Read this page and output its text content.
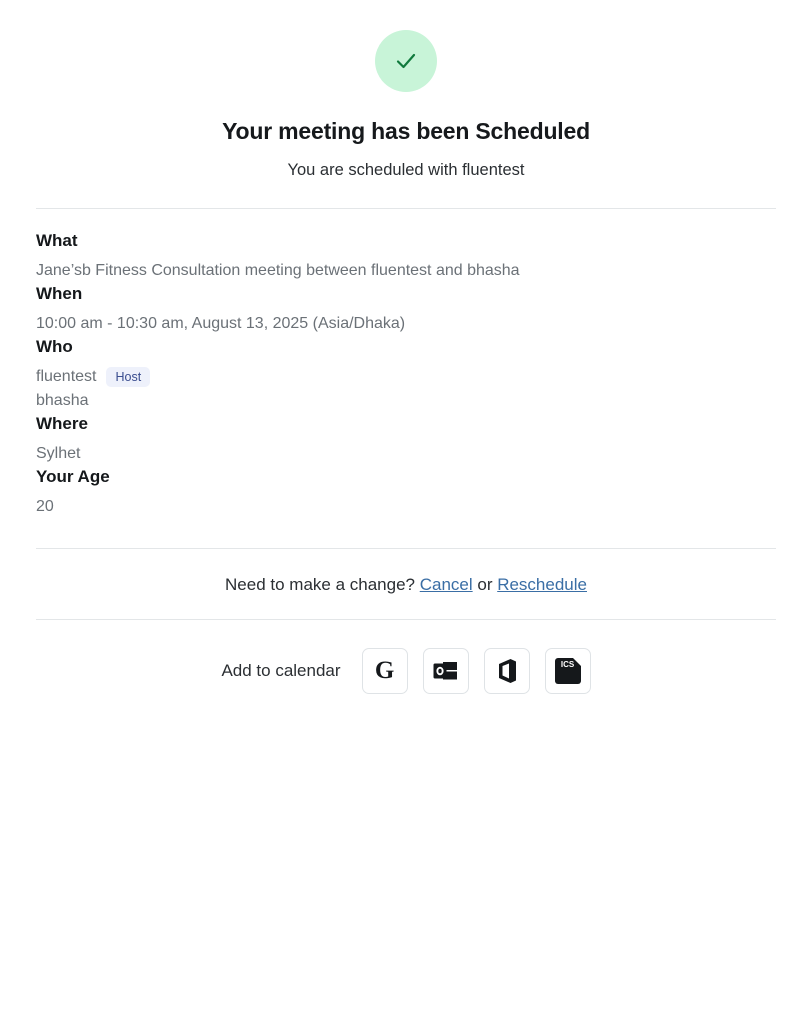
Your meeting has been Scheduled

You are scheduled with fluentest

What
Jane’sb Fitness Consultation meeting between fluentest and bhasha
When
10:00 am - 10:30 am, August 13, 2025 (Asia/Dhaka)
Who
fluentest	Host
bhasha
Where
Sylhet
Your Age
20
Need to make a change? Cancel or Reschedule
Add to calendar G	ICS
